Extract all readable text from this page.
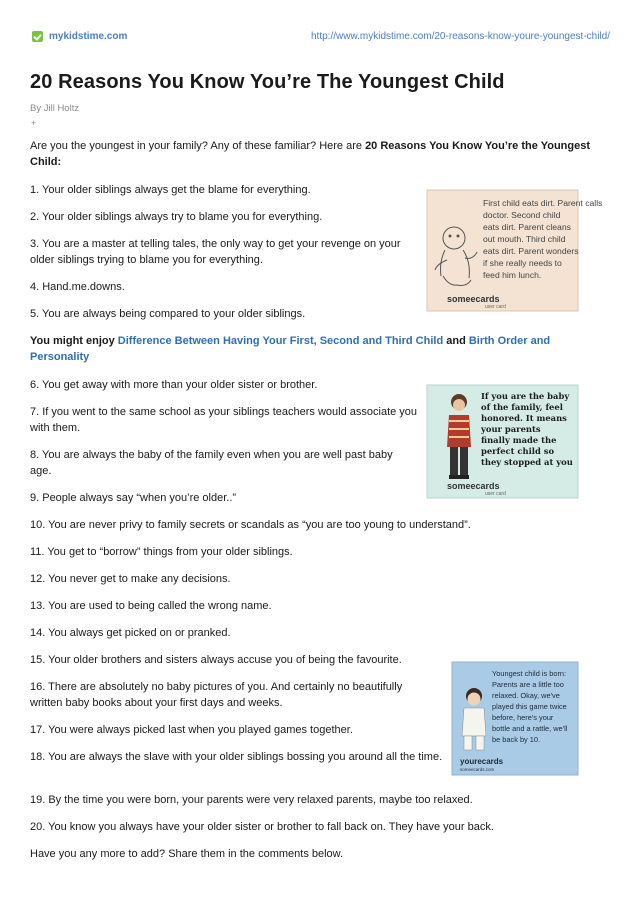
mykidstime.com	http://www.mykidstime.com/20-reasons-know-youre-youngest-child/
20 Reasons You Know You’re The Youngest Child
By Jill Holtz
+
Are you the youngest in your family? Any of these familiar? Here are 20 Reasons You Know You’re the Youngest Child:
1. Your older siblings always get the blame for everything.
2. Your older siblings always try to blame you for everything.
3. You are a master at telling tales, the only way to get your revenge on your older siblings trying to blame you for everything.
4. Hand.me.downs.
5. You are always being compared to your older siblings.
You might enjoy Difference Between Having Your First, Second and Third Child and Birth Order and Personality
6. You get away with more than your older sister or brother.
7. If you went to the same school as your siblings teachers would associate you with them.
8. You are always the baby of the family even when you are well past baby age.
9. People always say “when you’re older..”
10. You are never privy to family secrets or scandals as “you are too young to understand”.
11. You get to “borrow” things from your older siblings.
12. You never get to make any decisions.
13. You are used to being called the wrong name.
14. You always get picked on or pranked.
15. Your older brothers and sisters always accuse you of being the favourite.
16. There are absolutely no baby pictures of you. And certainly no beautifully written baby books about your first days and weeks.
17. You were always picked last when you played games together.
18. You are always the slave with your older siblings bossing you around all the time.
19. By the time you were born, your parents were very relaxed parents, maybe too relaxed.
20. You know you always have your older sister or brother to fall back on. They have your back.
Have you any more to add? Share them in the comments below.
First child eats dirt. Parent calls
doctor. Second child
eats dirt. Parent cleans
out mouth. Third child
eats dirt. Parent wonders
if she really needs to
feed him lunch.
someecards
user card
If you are the baby
of the family, feel
honored. It means
your parents
finally made the
perfect child so
they stopped at you
someecards
user card
Youngest child is born:
Parents are a little too
relaxed. Okay, we've
played this game twice
before, here's your
bottle and a rattle, we'll
be back by 10.
yourecards
someecards.com
